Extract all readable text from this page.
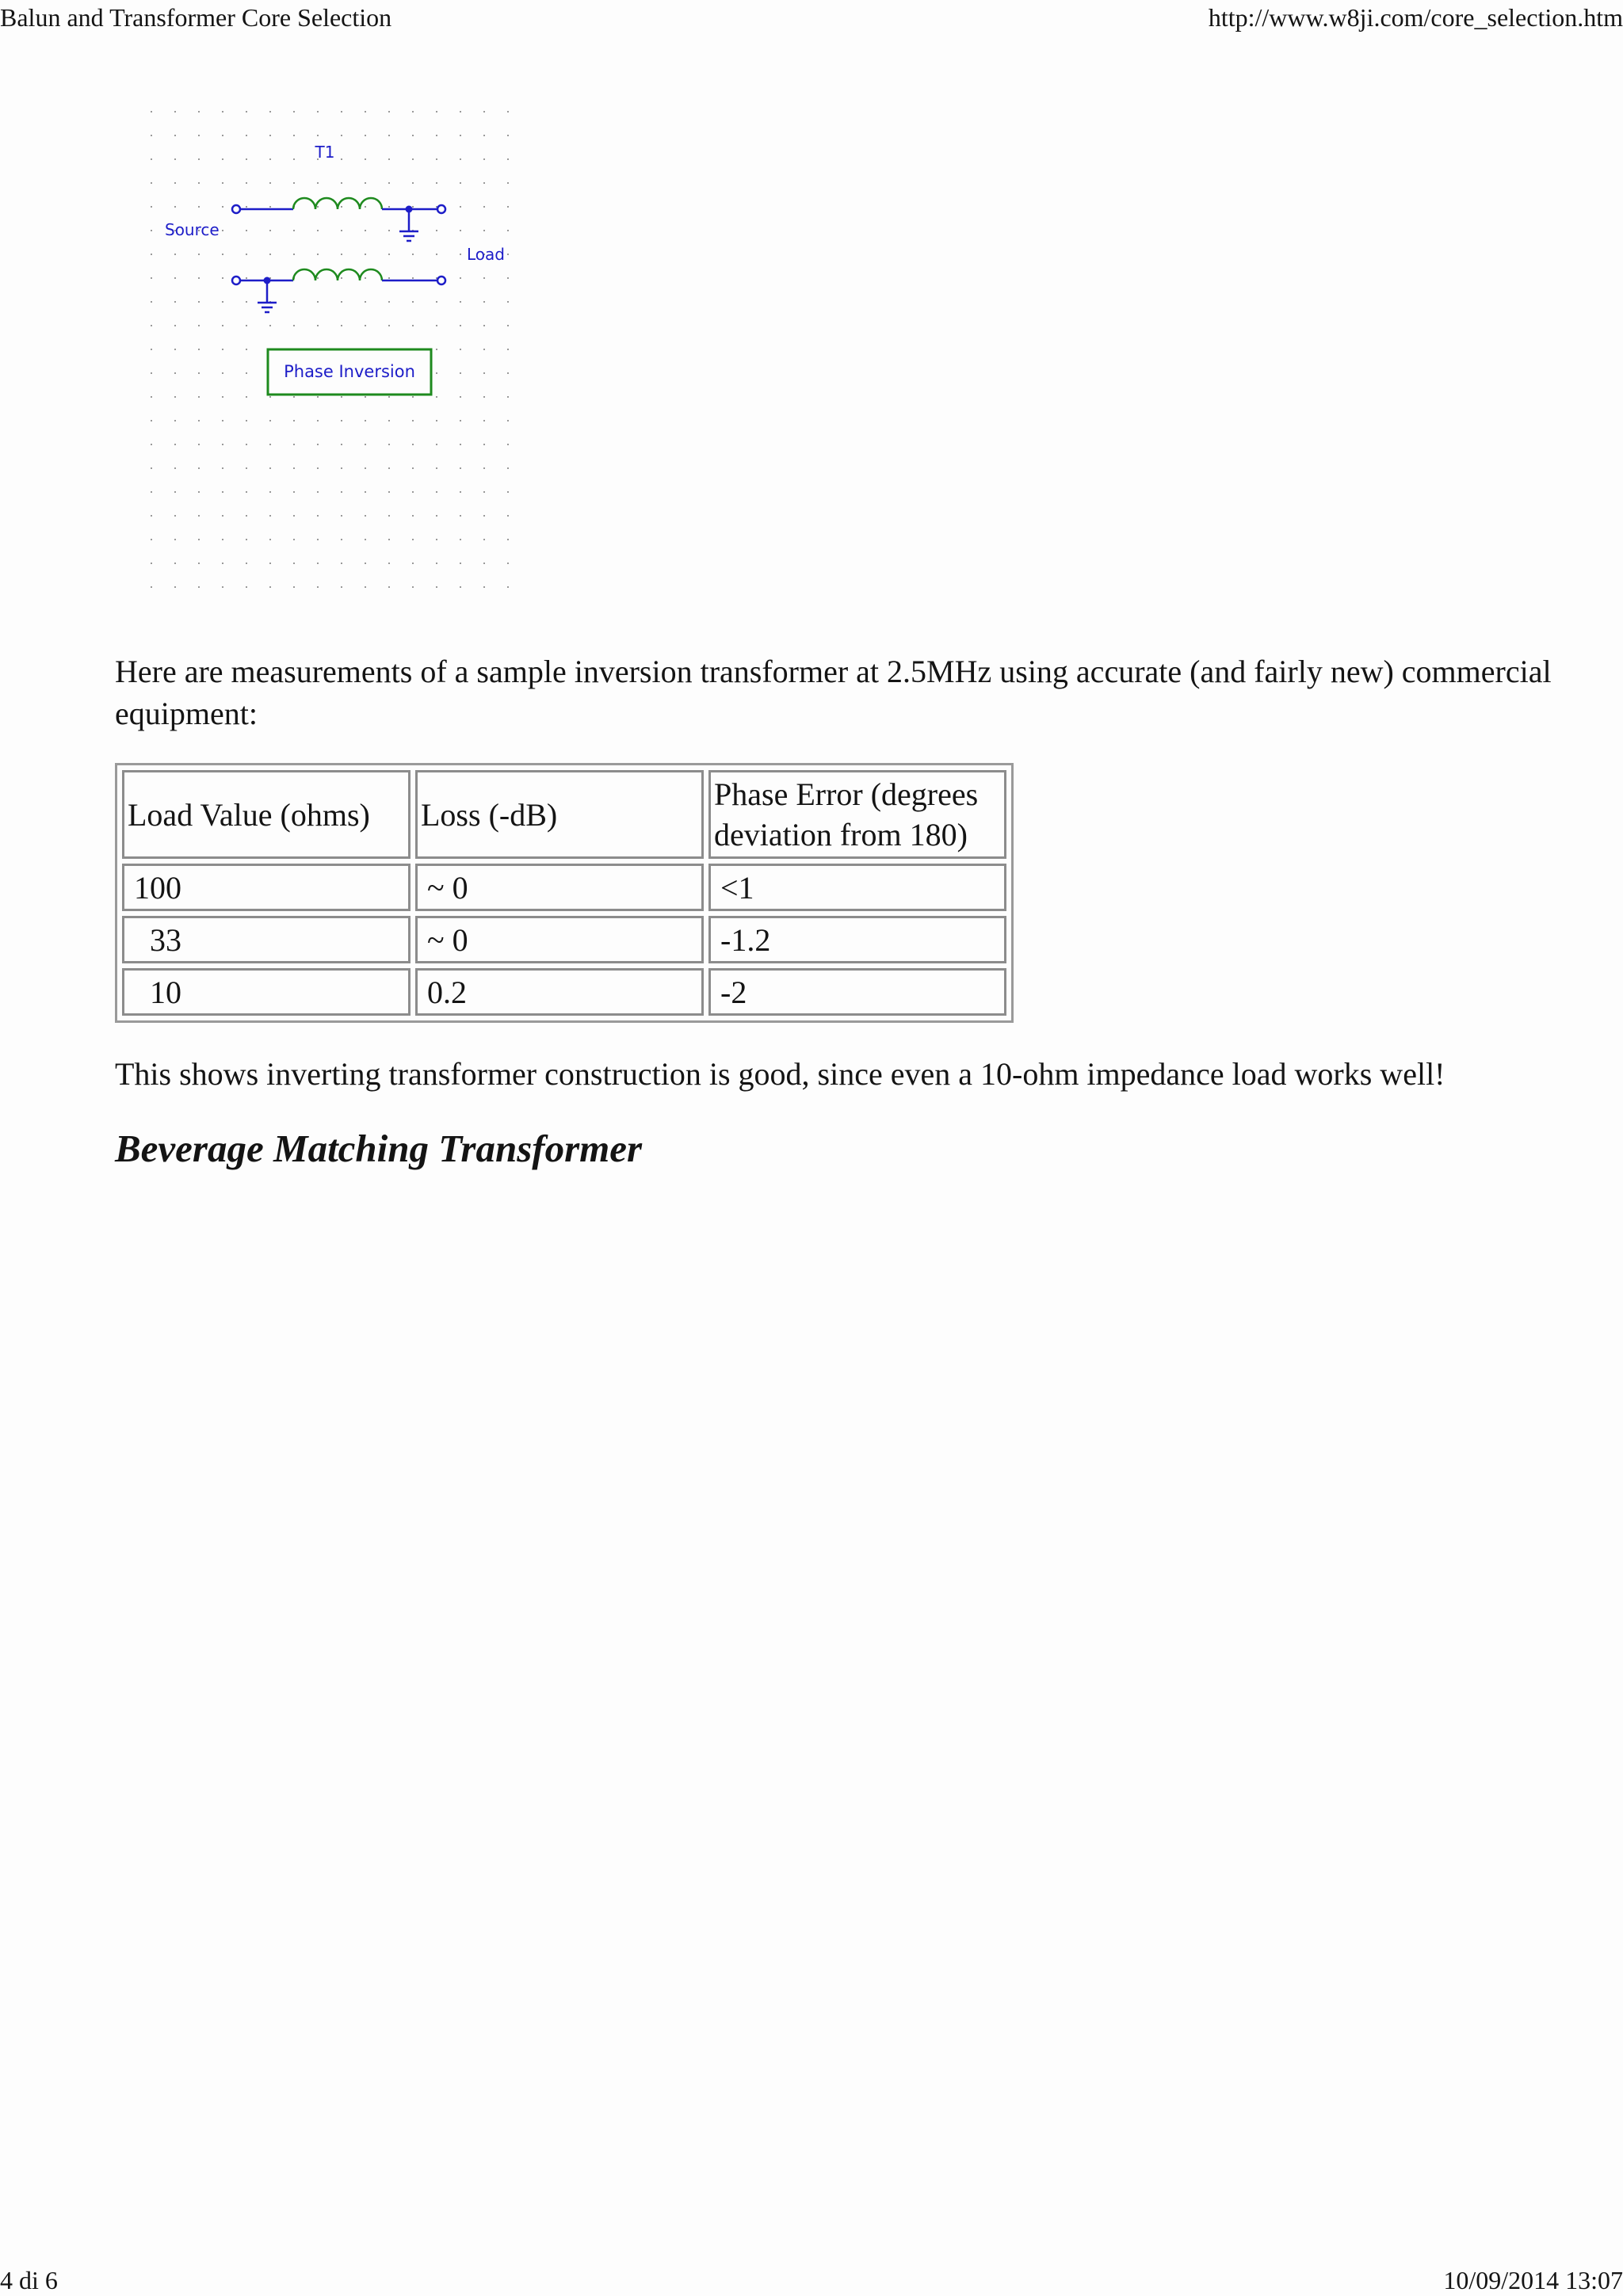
Balun and Transformer Core Selection	http://www.w8ji.com/core_selection.htm
T1
Source
Load
Phase Inversion

Here are measurements of a sample inversion transformer at 2.5MHz using accurate (and fairly new) commercial equipment:

Load Value (ohms)	Loss (-dB)	Phase Error (degrees deviation from 180)

100	~ 0	<1

33	~ 0	-1.2

10	0.2	-2

This shows inverting transformer construction is good, since even a 10-ohm impedance load works well!

Beverage Matching Transformer
4 di 6	10/09/2014 13:07
